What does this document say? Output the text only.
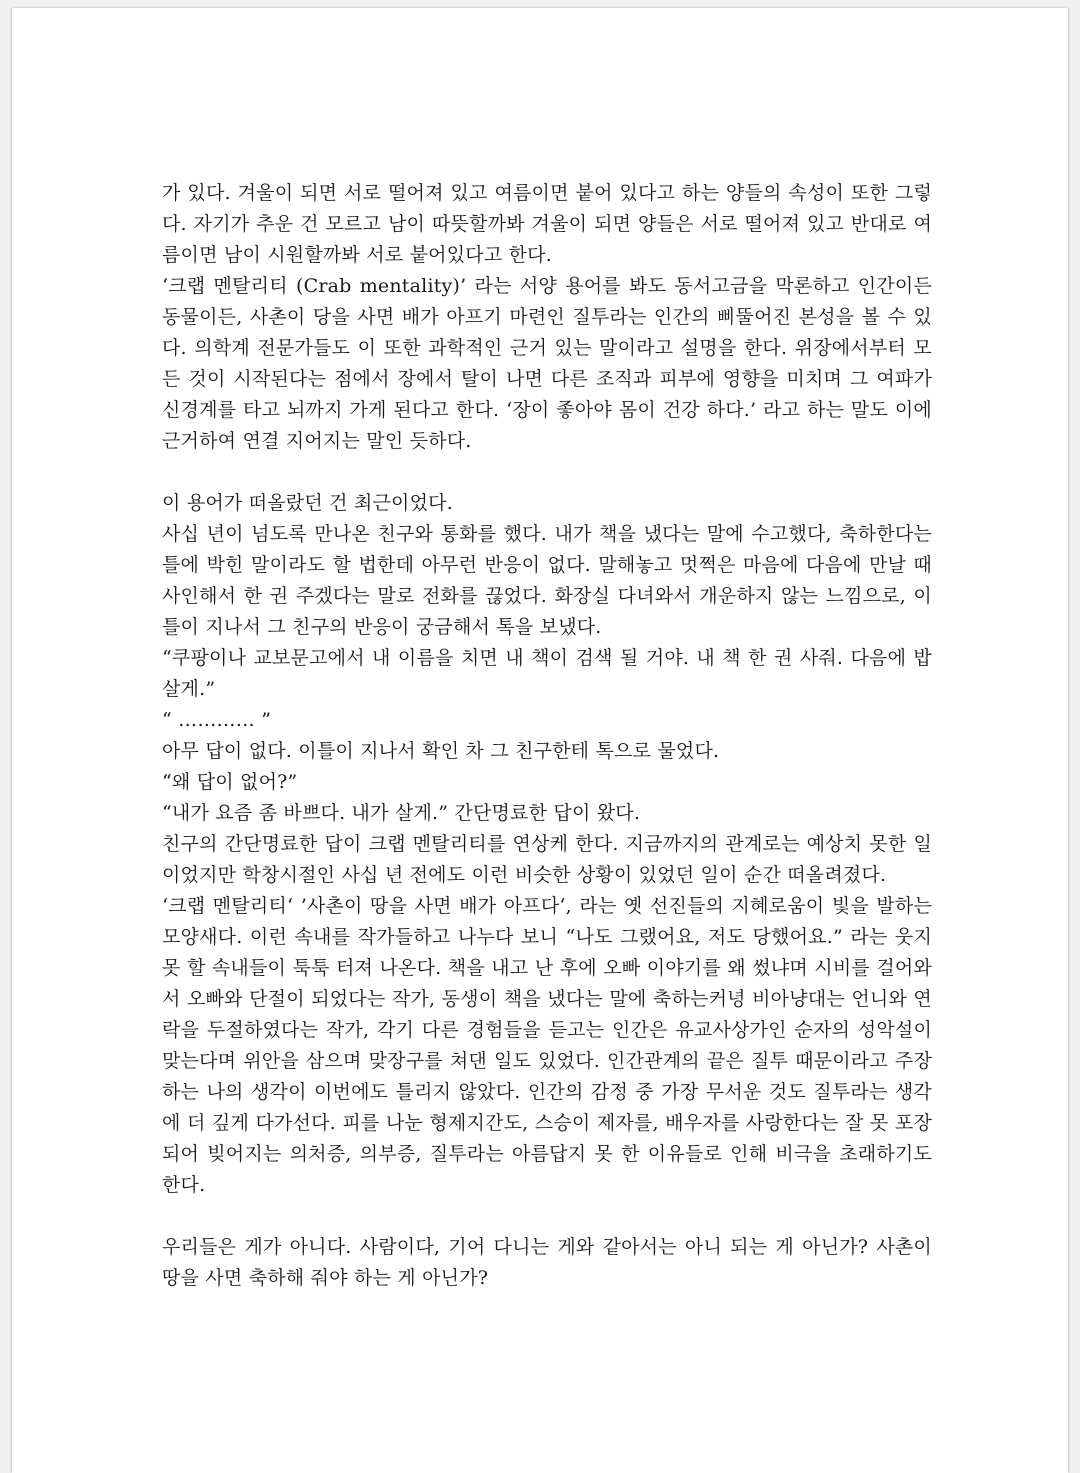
가 있다. 겨울이 되면 서로 떨어져 있고 여름이면 붙어 있다고 하는 양들의 속성이 또한 그렇다. 자기가 추운 건 모르고 남이 따뜻할까봐 겨울이 되면 양들은 서로 떨어져 있고 반대로 여름이면 남이 시원할까봐 서로 붙어있다고 한다.

‘크랩 멘탈리티 (Crab mentality)’ 라는 서양 용어를 봐도 동서고금을 막론하고 인간이든 동물이든, 사촌이 당을 사면 배가 아프기 마련인 질투라는 인간의 삐뚤어진 본성을 볼 수 있다. 의학계 전문가들도 이 또한 과학적인 근거 있는 말이라고 설명을 한다. 위장에서부터 모든 것이 시작된다는 점에서 장에서 탈이 나면 다른 조직과 피부에 영향을 미치며 그 여파가 신경계를 타고 뇌까지 가게 된다고 한다. ‘장이 좋아야 몸이 건강 하다.’ 라고 하는 말도 이에 근거하여 연결 지어지는 말인 듯하다.

이 용어가 떠올랐던 건 최근이었다.

사십 년이 넘도록 만나온 친구와 통화를 했다. 내가 책을 냈다는 말에 수고했다, 축하한다는 틀에 박힌 말이라도 할 법한데 아무런 반응이 없다. 말해놓고 멋쩍은 마음에 다음에 만날 때 사인해서 한 권 주겠다는 말로 전화를 끊었다. 화장실 다녀와서 개운하지 않는 느낌으로, 이틀이 지나서 그 친구의 반응이 궁금해서 톡을 보냈다.

“쿠팡이나 교보문고에서 내 이름을 치면 내 책이 검색 될 거야. 내 책 한 권 사줘. 다음에 밥 살게.”

“ ………… ”

아무 답이 없다. 이틀이 지나서 확인 차 그 친구한테 톡으로 물었다.

“왜 답이 없어?”

“내가 요즘 좀 바쁘다. 내가 살게.” 간단명료한 답이 왔다.

친구의 간단명료한 답이 크랩 멘탈리티를 연상케 한다. 지금까지의 관계로는 예상치 못한 일이었지만 학창시절인 사십 년 전에도 이런 비슷한 상황이 있었던 일이 순간 떠올려졌다.

‘크랩 멘탈리티‘ ’사촌이 땅을 사면 배가 아프다‘, 라는 옛 선진들의 지혜로움이 빛을 발하는 모양새다. 이런 속내를 작가들하고 나누다 보니 “나도 그랬어요, 저도 당했어요.” 라는 웃지 못 할 속내들이 툭툭 터져 나온다. 책을 내고 난 후에 오빠 이야기를 왜 썼냐며 시비를 걸어와서 오빠와 단절이 되었다는 작가, 동생이 책을 냈다는 말에 축하는커녕 비아냥대는 언니와 연락을 두절하였다는 작가, 각기 다른 경험들을 듣고는 인간은 유교사상가인 순자의 성악설이 맞는다며 위안을 삼으며 맞장구를 쳐댄 일도 있었다. 인간관계의 끝은 질투 때문이라고 주장하는 나의 생각이 이번에도 틀리지 않았다. 인간의 감정 중 가장 무서운 것도 질투라는 생각에 더 깊게 다가선다. 피를 나눈 형제지간도, 스승이 제자를, 배우자를 사랑한다는 잘 못 포장되어 빚어지는 의처증, 의부증, 질투라는 아름답지 못 한 이유들로 인해 비극을 초래하기도 한다.

우리들은 게가 아니다. 사람이다, 기어 다니는 게와 같아서는 아니 되는 게 아닌가? 사촌이 땅을 사면 축하해 줘야 하는 게 아닌가?
